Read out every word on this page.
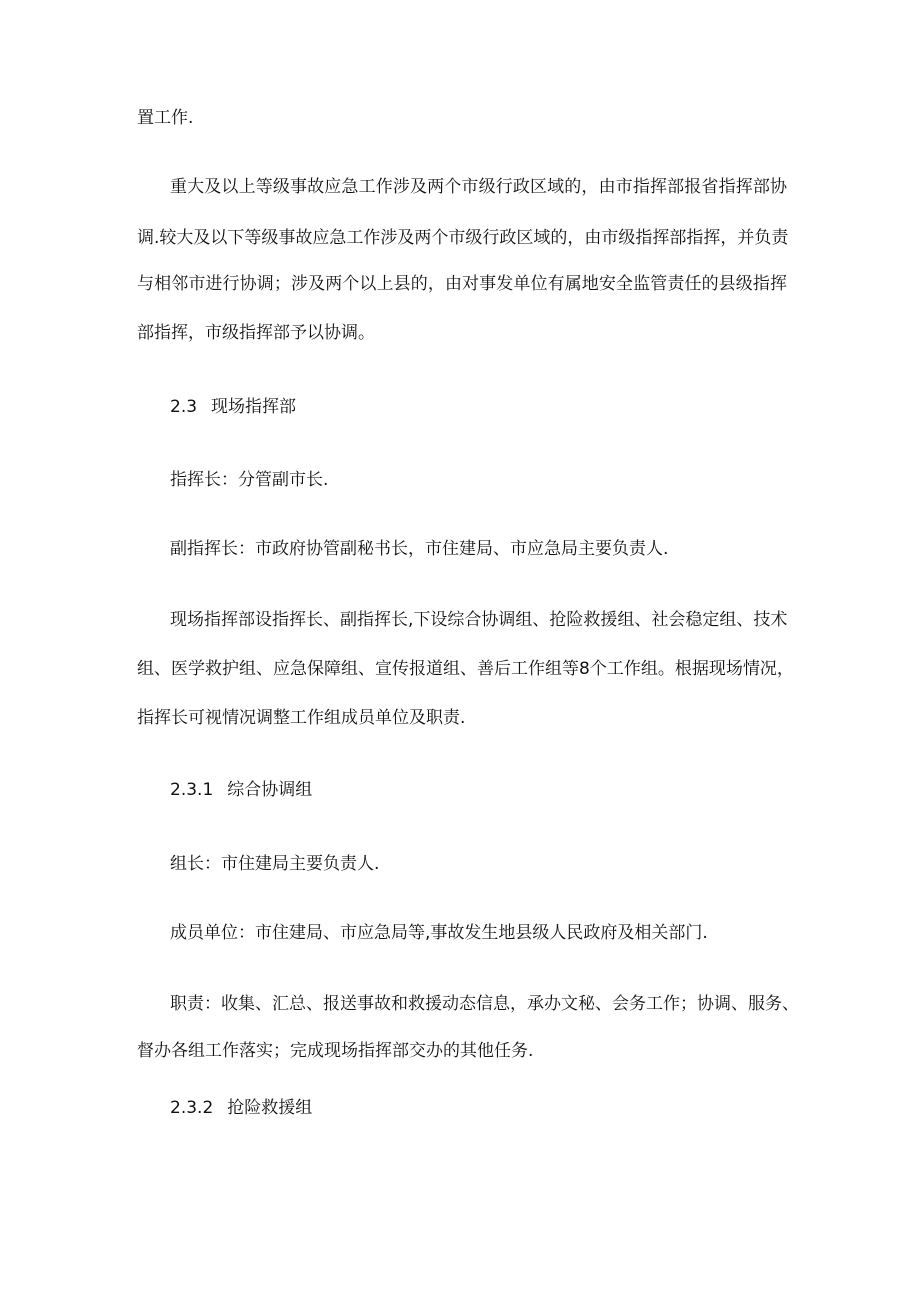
置工作.
重大及以上等级事故应急工作涉及两个市级行政区域的，由市指挥部报省指挥部协
调.较大及以下等级事故应急工作涉及两个市级行政区域的，由市级指挥部指挥，并负责
与相邻市进行协调；涉及两个以上县的，由对事发单位有属地安全监管责任的县级指挥
部指挥，市级指挥部予以协调。
2.3 现场指挥部
指挥长：分管副市长.
副指挥长：市政府协管副秘书长，市住建局、市应急局主要负责人.
现场指挥部设指挥长、副指挥长,下设综合协调组、抢险救援组、社会稳定组、技术
组、医学救护组、应急保障组、宣传报道组、善后工作组等8个工作组。根据现场情况，
指挥长可视情况调整工作组成员单位及职责.
2.3.1 综合协调组
组长：市住建局主要负责人.
成员单位：市住建局、市应急局等,事故发生地县级人民政府及相关部门.
职责：收集、汇总、报送事故和救援动态信息，承办文秘、会务工作；协调、服务、
督办各组工作落实；完成现场指挥部交办的其他任务.
2.3.2 抢险救援组
